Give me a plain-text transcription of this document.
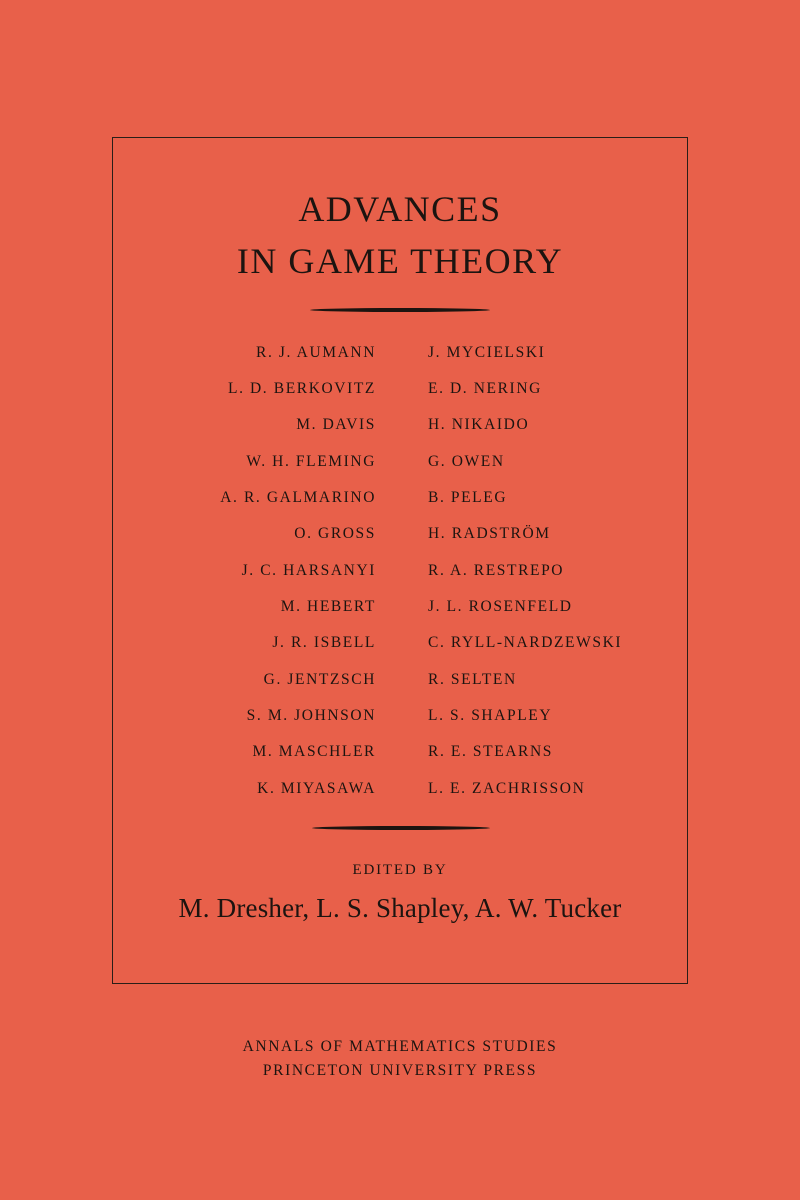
ADVANCES
IN GAME THEORY
R. J. AUMANN
L. D. BERKOVITZ
M. DAVIS
W. H. FLEMING
A. R. GALMARINO
O. GROSS
J. C. HARSANYI
M. HEBERT
J. R. ISBELL
G. JENTZSCH
S. M. JOHNSON
M. MASCHLER
K. MIYASAWA
J. MYCIELSKI
E. D. NERING
H. NIKAIDO
G. OWEN
B. PELEG
H. RADSTRÖM
R. A. RESTREPO
J. L. ROSENFELD
C. RYLL-NARDZEWSKI
R. SELTEN
L. S. SHAPLEY
R. E. STEARNS
L. E. ZACHRISSON
EDITED BY
M. Dresher, L. S. Shapley, A. W. Tucker
ANNALS OF MATHEMATICS STUDIES
PRINCETON UNIVERSITY PRESS
